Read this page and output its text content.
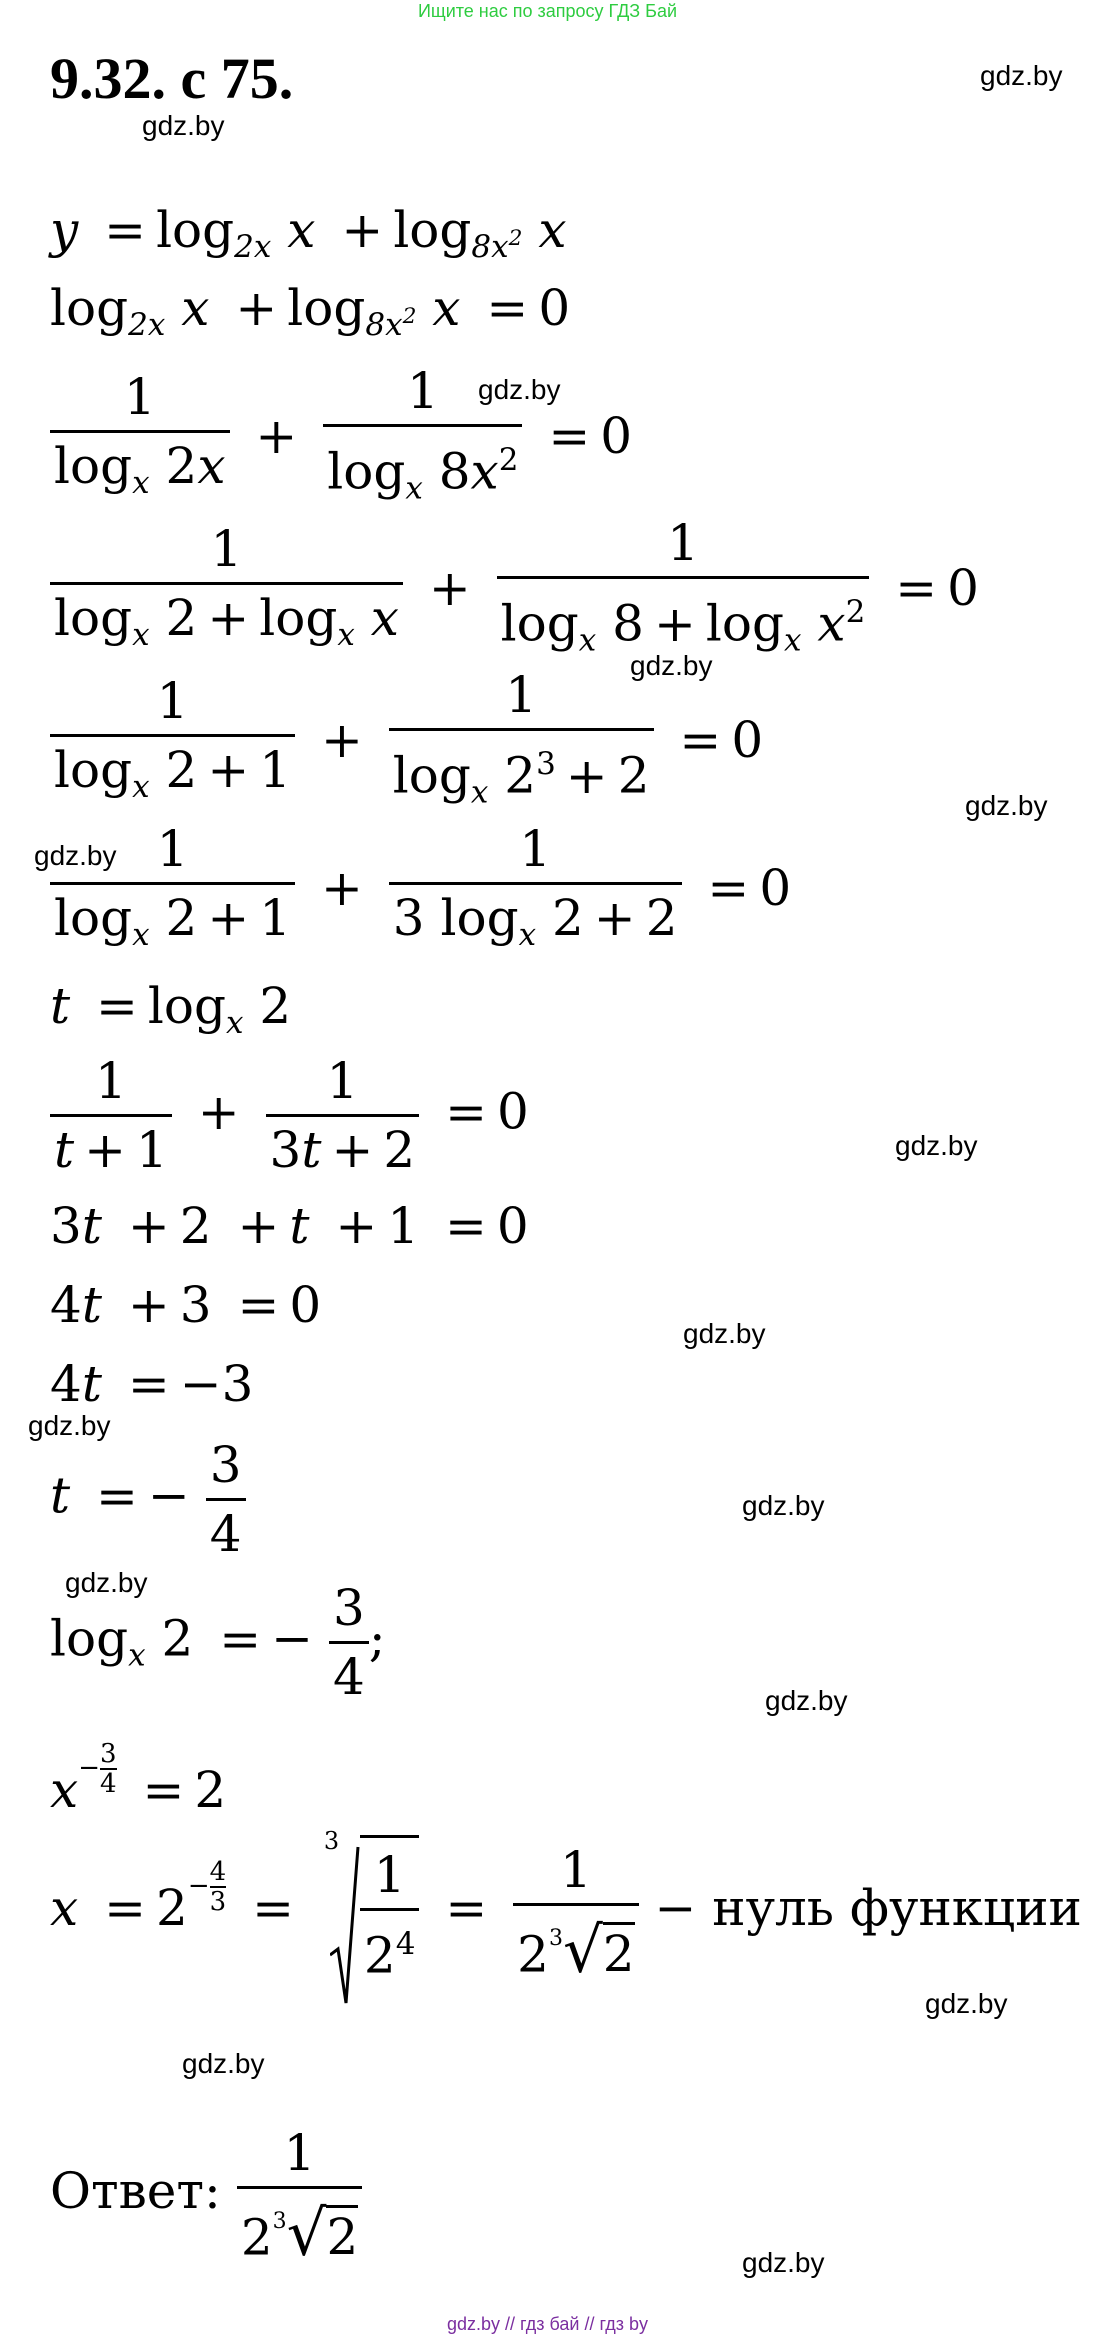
Ищите нас по запросу ГДЗ Бай
9.32. с 75.	gdz.by
gdz.by
gdz.by
gdz.by
gdz.by
gdz.by
gdz.by
gdz.by
gdz.by
gdz.by
gdz.by
gdz.by
gdz.by
gdz.by
gdz.by
$y = \log_{2x} x + \log_{8x^2} x$
$\log_{2x} x + \log_{8x^2} x = 0$
$\frac{1}{\log_x 2x} + \frac{1}{\log_x 8x^2} = 0$
$\frac{1}{\log_x 2 + \log_x x} + \frac{1}{\log_x 8 + \log_x x^2} = 0$
$\frac{1}{\log_x 2 + 1} + \frac{1}{\log_x 2^3 + 2} = 0$
$\frac{1}{\log_x 2 + 1} + \frac{1}{3 \log_x 2 + 2} = 0$
$t = \log_x 2$
$\frac{1}{t + 1} + \frac{1}{3t + 2} = 0$
3t + 2 + t + 1 = 0
4t + 3 = 0
4t = −3
t = − $\frac{3}{4}$
$\log_x 2$ = − $\frac{3}{4}$ ;
$x^{- \frac{3}{4}} = 2$
$x = 2^{- \frac{4}{3}}$ =
3
$\frac{1}{2^4} = \frac{1}{2^3√2}$ − нуль функции
Ответ: $\frac{1}{2^3√2}$
gdz.by // гдз бай // гдз by
